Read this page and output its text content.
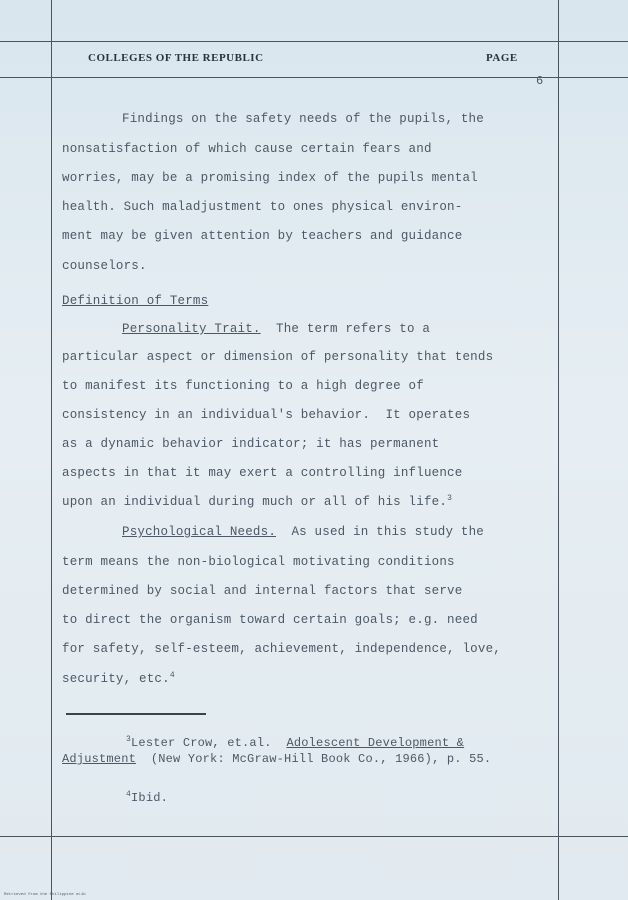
COLLEGES OF THE REPUBLIC	PAGE
6
Findings on the safety needs of the pupils, the
nonsatisfaction of which cause certain fears and
worries, may be a promising index of the pupils mental
health. Such maladjustment to ones physical environ-
ment may be given attention by teachers and guidance
counselors.
Definition of Terms
Personality Trait. The term refers to a
particular aspect or dimension of personality that tends
to manifest its functioning to a high degree of
consistency in an individual's behavior.  It operates
as a dynamic behavior indicator; it has permanent
aspects in that it may exert a controlling influence
upon an individual during much or all of his life.$^3$
Psychological Needs. As used in this study the
term means the non-biological motivating conditions
determined by social and internal factors that serve
to direct the organism toward certain goals; e.g. need
for safety, self-esteem, achievement, independence, love,
security, etc.$^4$
$^3$Lester Crow, et.al. Adolescent Development &
Adjustment (New York: McGraw-Hill Book Co., 1966), p. 55.
$^4$Ibid.
Retrieved from the Philippine eLib
